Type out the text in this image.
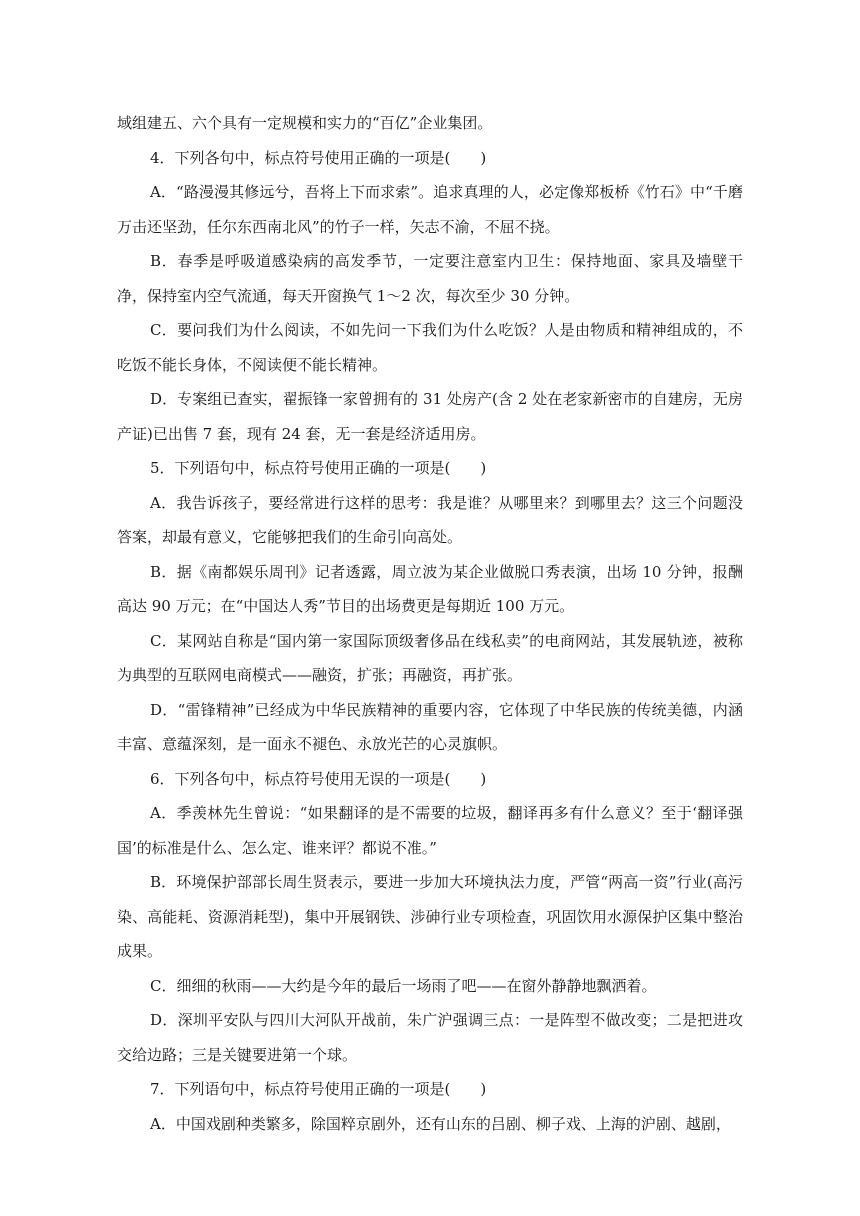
域组建五、六个具有一定规模和实力的“百亿”企业集团。

4．下列各句中，标点符号使用正确的一项是(　　)

A．“路漫漫其修远兮，吾将上下而求索”。追求真理的人，必定像郑板桥《竹石》中“千磨万击还坚劲，任尔东西南北风”的竹子一样，矢志不渝，不屈不挠。

B．春季是呼吸道感染病的高发季节，一定要注意室内卫生：保持地面、家具及墙壁干净，保持室内空气流通，每天开窗换气 1～2 次，每次至少 30 分钟。

C．要问我们为什么阅读，不如先问一下我们为什么吃饭？人是由物质和精神组成的，不吃饭不能长身体，不阅读便不能长精神。

D．专案组已查实，翟振锋一家曾拥有的 31 处房产(含 2 处在老家新密市的自建房，无房产证)已出售 7 套，现有 24 套，无一套是经济适用房。

5．下列语句中，标点符号使用正确的一项是(　　)

A．我告诉孩子，要经常进行这样的思考：我是谁？从哪里来？到哪里去？这三个问题没答案，却最有意义，它能够把我们的生命引向高处。

B．据《南都娱乐周刊》记者透露，周立波为某企业做脱口秀表演，出场 10 分钟，报酬高达 90 万元；在“中国达人秀”节目的出场费更是每期近 100 万元。

C．某网站自称是“国内第一家国际顶级奢侈品在线私卖”的电商网站，其发展轨迹，被称为典型的互联网电商模式——融资，扩张；再融资，再扩张。

D．“雷锋精神”已经成为中华民族精神的重要内容，它体现了中华民族的传统美德，内涵丰富、意蕴深刻，是一面永不褪色、永放光芒的心灵旗帜。

6．下列各句中，标点符号使用无误的一项是(　　)

A．季羡林先生曾说：“如果翻译的是不需要的垃圾，翻译再多有什么意义？至于‘翻译强国’的标准是什么、怎么定、谁来评？都说不准。”

B．环境保护部部长周生贤表示，要进一步加大环境执法力度，严管“两高一资”行业(高污染、高能耗、资源消耗型)，集中开展钢铁、涉砷行业专项检查，巩固饮用水源保护区集中整治成果。

C．细细的秋雨——大约是今年的最后一场雨了吧——在窗外静静地飘洒着。

D．深圳平安队与四川大河队开战前，朱广沪强调三点：一是阵型不做改变；二是把进攻交给边路；三是关键要进第一个球。

7．下列语句中，标点符号使用正确的一项是(　　)

A．中国戏剧种类繁多，除国粹京剧外，还有山东的吕剧、柳子戏、上海的沪剧、越剧，
